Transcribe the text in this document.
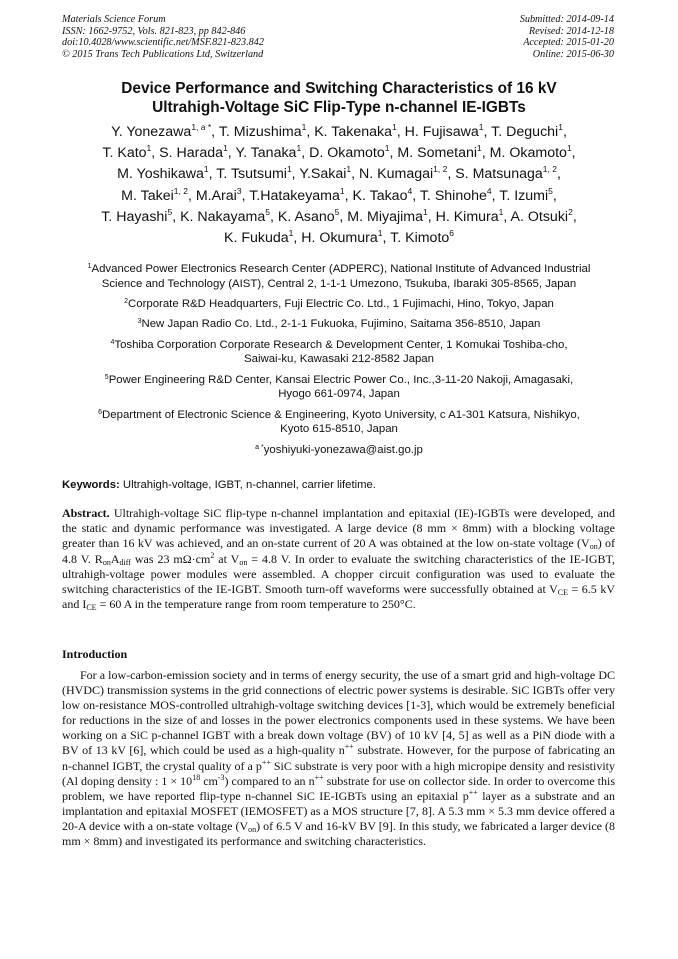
Materials Science Forum
ISSN: 1662-9752, Vols. 821-823, pp 842-846
doi:10.4028/www.scientific.net/MSF.821-823.842
© 2015 Trans Tech Publications Ltd, Switzerland
Submitted: 2014-09-14
Revised: 2014-12-18
Accepted: 2015-01-20
Online: 2015-06-30
Device Performance and Switching Characteristics of 16 kV
Ultrahigh-Voltage SiC Flip-Type n-channel IE-IGBTs
Y. Yonezawa$^{1, a *}$, T. Mizushima$^1$, K. Takenaka$^1$, H. Fujisawa$^1$, T. Deguchi$^1$,
T. Kato$^1$, S. Harada$^1$, Y. Tanaka$^1$, D. Okamoto$^1$, M. Sometani$^1$, M. Okamoto$^1$,
M. Yoshikawa$^1$, T. Tsutsumi$^1$, Y.Sakai$^1$, N. Kumagai$^{1, 2}$, S. Matsunaga$^{1, 2}$,
M. Takei$^{1, 2}$, M.Arai$^3$, T.Hatakeyama$^1$, K. Takao$^4$, T. Shinohe$^4$, T. Izumi$^5$,
T. Hayashi$^5$, K. Nakayama$^5$, K. Asano$^5$, M. Miyajima$^1$, H. Kimura$^1$, A. Otsuki$^2$,
K. Fukuda$^1$, H. Okumura$^1$, T. Kimoto$^6$
$^1$Advanced Power Electronics Research Center (ADPERC), National Institute of Advanced Industrial
Science and Technology (AIST), Central 2, 1-1-1 Umezono, Tsukuba, Ibaraki 305-8565, Japan
$^2$Corporate R&D Headquarters, Fuji Electric Co. Ltd., 1 Fujimachi, Hino, Tokyo, Japan
$^3$New Japan Radio Co. Ltd., 2-1-1 Fukuoka, Fujimino, Saitama 356-8510, Japan
$^4$Toshiba Corporation Corporate Research & Development Center, 1 Komukai Toshiba-cho,
Saiwai-ku, Kawasaki 212-8582 Japan
$^5$Power Engineering R&D Center, Kansai Electric Power Co., Inc.,3-11-20 Nakoji, Amagasaki,
Hyogo 661-0974, Japan
$^6$Department of Electronic Science & Engineering, Kyoto University, c A1-301 Katsura, Nishikyo,
Kyoto 615-8510, Japan
$^{a *}$yoshiyuki-yonezawa@aist.go.jp
Keywords: Ultrahigh-voltage, IGBT, n-channel, carrier lifetime.
Abstract. Ultrahigh-voltage SiC flip-type n-channel implantation and epitaxial (IE)-IGBTs were developed, and the static and dynamic performance was investigated. A large device (8 mm × 8mm) with a blocking voltage greater than 16 kV was achieved, and an on-state current of 20 A was obtained at the low on-state voltage $(V_{on})$ of 4.8 V. $R_{on}A_{diff}$ was 23 $m\Omega\cdot cm^2$ at $V_{on} = 4.8$ V. In order to evaluate the switching characteristics of the IE-IGBT, ultrahigh-voltage power modules were assembled. A chopper circuit configuration was used to evaluate the switching characteristics of the IE-IGBT. Smooth turn-off waveforms were successfully obtained at $V_{CE} = 6.5$ kV and $I_{CE} = 60$ A in the temperature range from room temperature to 250°C.
Introduction
For a low-carbon-emission society and in terms of energy security, the use of a smart grid and high-voltage DC (HVDC) transmission systems in the grid connections of electric power systems is desirable. SiC IGBTs offer very low on-resistance MOS-controlled ultrahigh-voltage switching devices [1-3], which would be extremely beneficial for reductions in the size of and losses in the power electronics components used in these systems. We have been working on a SiC p-channel IGBT with a break down voltage (BV) of 10 kV [4, 5] as well as a PiN diode with a BV of 13 kV [6], which could be used as a high-quality n++ substrate. However, for the purpose of fabricating an n-channel IGBT, the crystal quality of a p++ SiC substrate is very poor with a high micropipe density and resistivity (Al doping density : $1 \times 10^{18}$ $cm^{-3}$) compared to an n++ substrate for use on collector side. In order to overcome this problem, we have reported flip-type n-channel SiC IE-IGBTs using an epitaxial p++ layer as a substrate and an implantation and epitaxial MOSFET (IEMOSFET) as a MOS structure [7, 8]. A 5.3 mm × 5.3 mm device offered a 20-A device with a on-state voltage $(V_{on})$ of 6.5 V and 16-kV BV [9]. In this study, we fabricated a larger device (8 mm × 8mm) and investigated its performance and switching characteristics.
